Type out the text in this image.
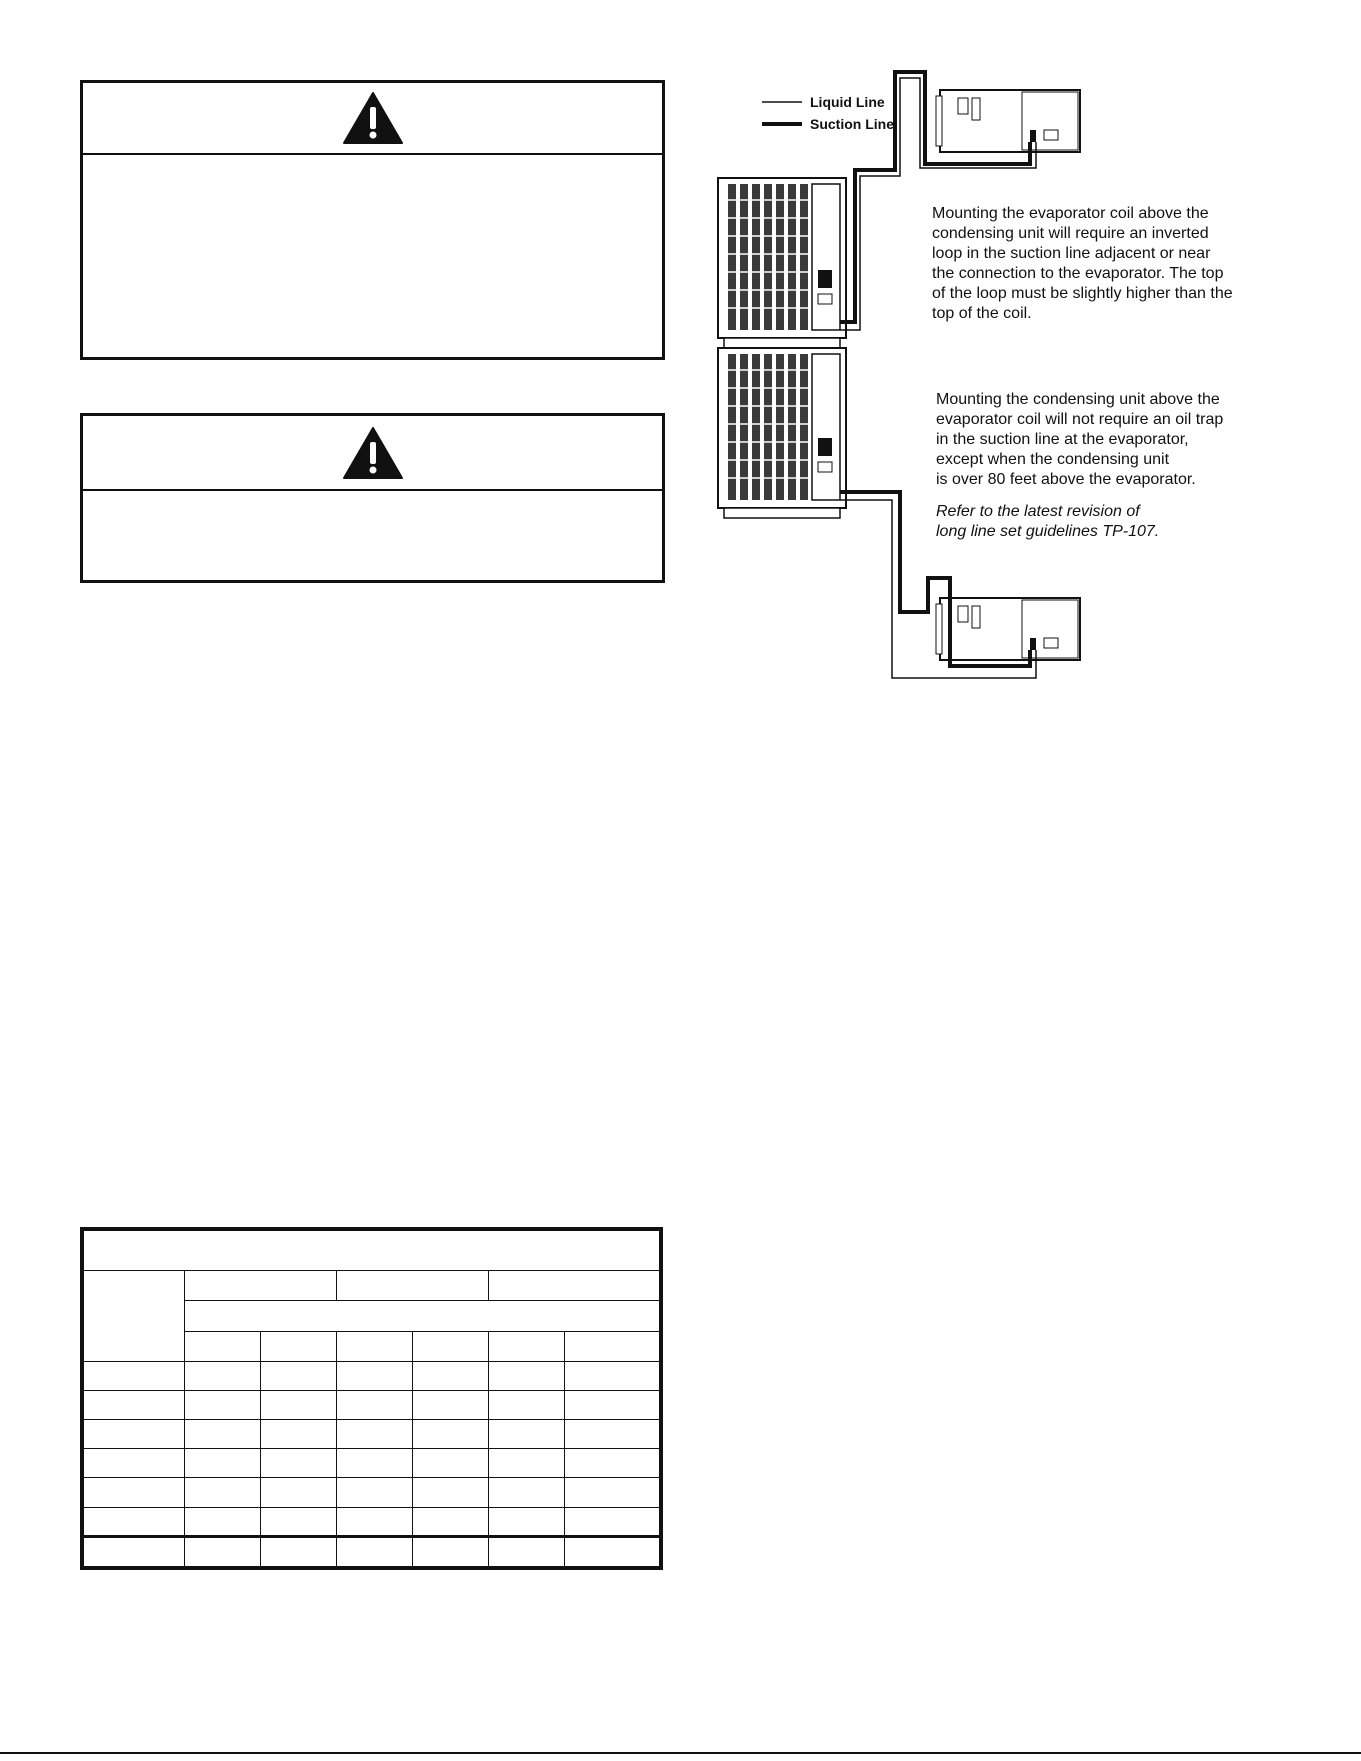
Liquid Line
Suction Line

Mounting the evaporator coil above the
condensing unit will require an inverted
loop in the suction line adjacent or near
the connection to the evaporator. The top
of the loop must be slightly higher than the
top of the coil.

Mounting the condensing unit above the
evaporator coil will not require an oil trap
in the suction line at the evaporator,
except when the condensing unit
is over 80 feet above the evaporator.

Refer to the latest revision of
long line set guidelines TP-107.
